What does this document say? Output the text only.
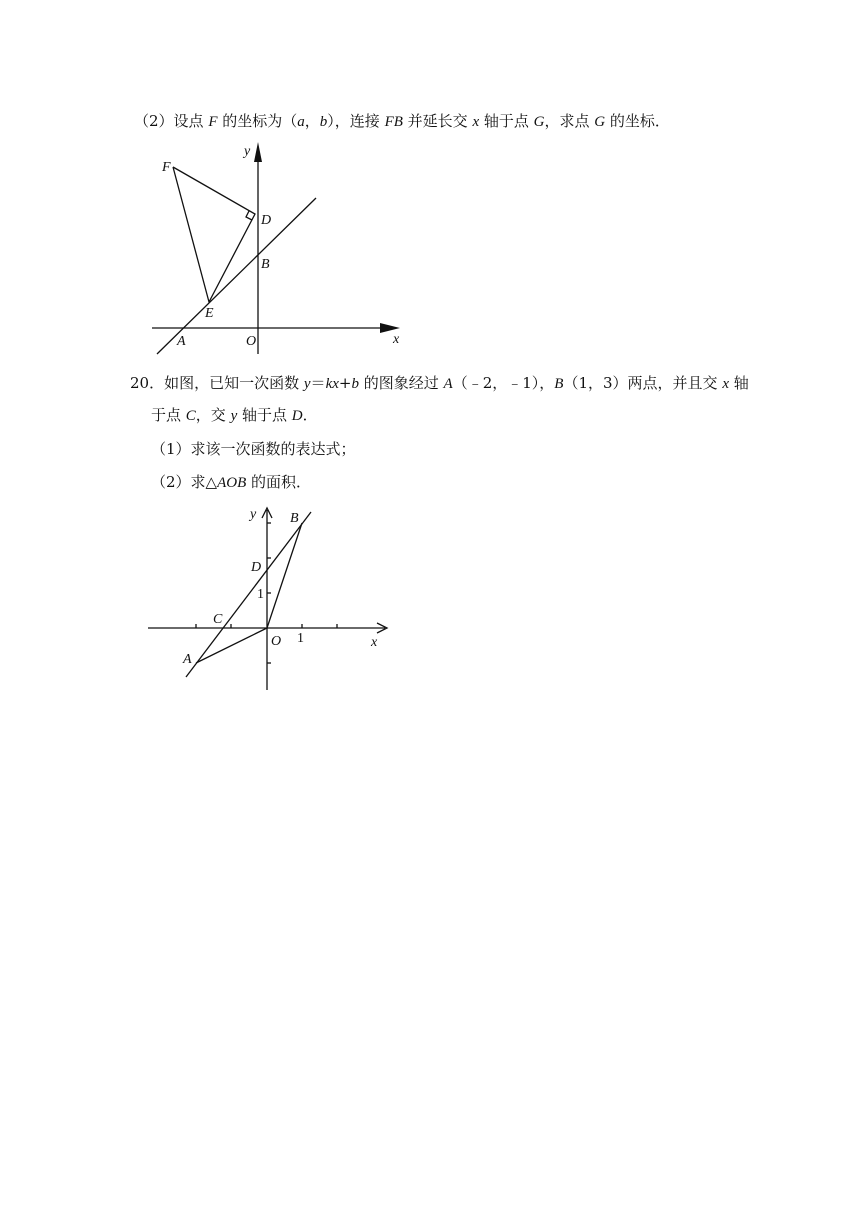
（2）设点 F 的坐标为（a，b），连接 FB 并延长交 x 轴于点 G，求点 G 的坐标．
F
D
B
E
A	O	x
y
B
D
1
C
O 1	x
A
y
20．如图，已知一次函数 y＝kx+b 的图象经过 A（﹣2，﹣1），B（1，3）两点，并且交 x 轴
于点 C，交 y 轴于点 D．
（1）求该一次函数的表达式；
（2）求△AOB 的面积．
